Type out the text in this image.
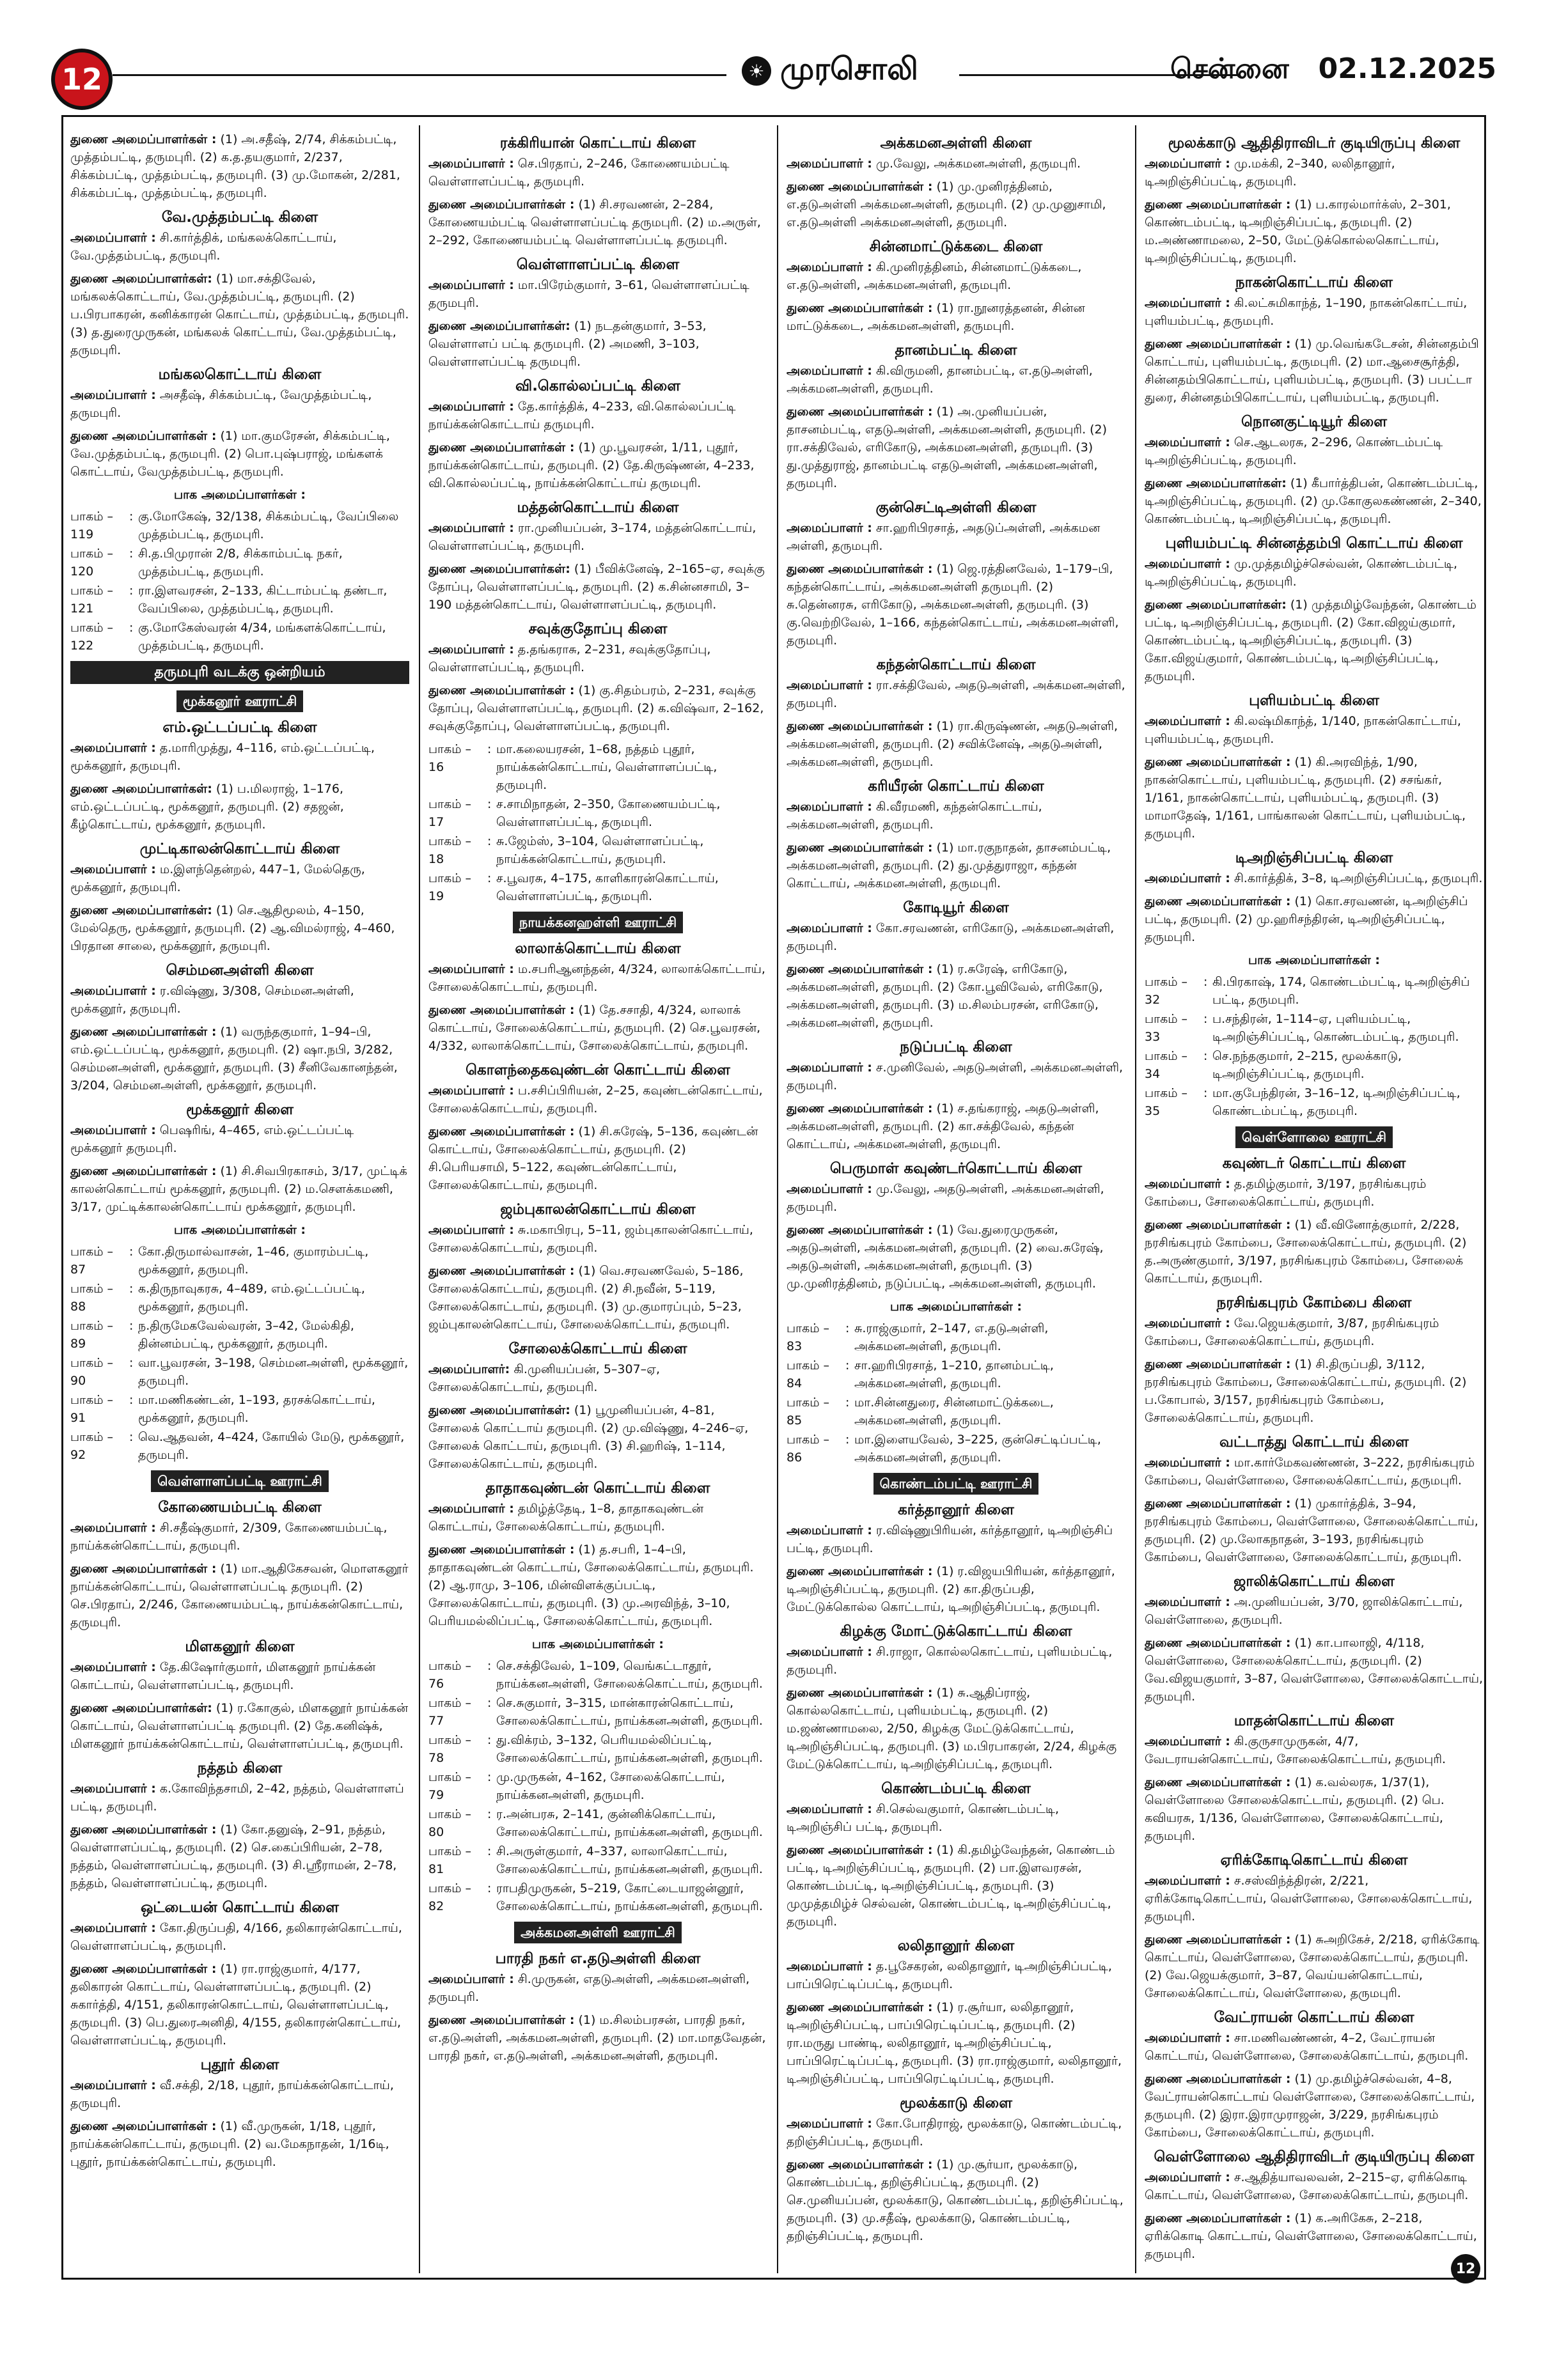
12	☀ முரசொலி	சென்னை 02.12.2025
துணை அமைப்பாளர்கள் : (1) அ.சதீஷ், 2/74, சிக்கம்பட்டி, முத்தம்பட்டி, தருமபுரி. (2) க.த.தயகுமார், 2/237, சிக்கம்பட்டி, முத்தம்பட்டி, தருமபுரி. (3) மு.மோகன், 2/281, சிக்கம்பட்டி, முத்தம்பட்டி, தருமபுரி.
வே.முத்தம்பட்டி கிளை
அமைப்பாளர் : சி.கார்த்திக், மங்கலக்கொட்டாய், வே.முத்தம்பட்டி, தருமபுரி.
துணை அமைப்பாளர்கள்: (1) மா.சக்திவேல், மங்கலக்கொட்டாய், வே.முத்தம்பட்டி, தருமபுரி. (2) ப.பிரபாகரன், கனிக்காரன் கொட்டாய், முத்தம்பட்டி, தருமபுரி. (3) த.துரைமுருகன், மங்கலக் கொட்டாய், வே.முத்தம்பட்டி, தருமபுரி.
மங்கலகொட்டாய் கிளை
அமைப்பாளர் : அசதீஷ், சிக்கம்பட்டி, வேமுத்தம்பட்டி, தருமபுரி.
துணை அமைப்பாளர்கள் : (1) மா.குமரேசன், சிக்கம்பட்டி, வே.முத்தம்பட்டி, தருமபுரி. (2) பொ.புஷ்பராஜ், மங்களக் கொட்டாய், வேமுத்தம்பட்டி, தருமபுரி.
பாக அமைப்பாளர்கள் :
பாகம் – 119
: கு.மோகேஷ், 32/138, சிக்கம்பட்டி, வேப்பிலை முத்தம்பட்டி, தருமபுரி.
பாகம் – 120
: சி.த.பிமுரான் 2/8, சிக்காம்பட்டி நகர், முத்தம்பட்டி, தருமபுரி.
பாகம் – 121
: ரா.இளவரசன், 2–133, கிட்டாம்பட்டி தண்டா, வேப்பிலை, முத்தம்பட்டி, தருமபுரி.
பாகம் – 122
: கு.மோகேஸ்வரன் 4/34, மங்களக்கொட்டாய், முத்தம்பட்டி, தருமபுரி.
தருமபுரி வடக்கு ஒன்றியம்
மூக்கனூர் ஊராட்சி
எம்.ஒட்டப்பட்டி கிளை
அமைப்பாளர் : த.மாரிமுத்து, 4–116, எம்.ஒட்டப்பட்டி, மூக்கனூர், தருமபுரி.
துணை அமைப்பாளர்கள்: (1) ப.மிலராஜ், 1–176, எம்.ஒட்டப்பட்டி, மூக்கனூர், தருமபுரி. (2) சதஜன், கீழ்கொட்டாய், மூக்கனூர், தருமபுரி.
முட்டிகாலன்கொட்டாய் கிளை
அமைப்பாளர் : ம.இளந்தென்றல், 447–1, மேல்தெரு, மூக்கனூர், தருமபுரி.
துணை அமைப்பாளர்கள்: (1) செ.ஆதிமூலம், 4–150, மேல்தெரு, மூக்கனூர், தருமபுரி. (2) ஆ.விமல்ராஜ், 4–460, பிரதான சாலை, மூக்கனூர், தருமபுரி.
செம்மனஅள்ளி கிளை
அமைப்பாளர் : ர.விஷ்ணு, 3/308, செம்மனஅள்ளி, மூக்கனூர், தருமபுரி.
துணை அமைப்பாளர்கள் : (1) வருந்தகுமார், 1–94–பி, எம்.ஒட்டப்பட்டி, மூக்கனூர், தருமபுரி. (2) ஷா.நபி, 3/282, செம்மனஅள்ளி, மூக்கனூர், தருமபுரி. (3) சீனிவேகானந்தன், 3/204, செம்மனஅள்ளி, மூக்கனூர், தருமபுரி.
மூக்கனூர் கிளை
அமைப்பாளர் : பெஷரிங், 4–465, எம்.ஒட்டப்பட்டி மூக்கனூர் தருமபுரி.
துணை அமைப்பாளர்கள் : (1) சி.சிவபிரகாசம், 3/17, முட்டிக் காலன்கொட்டாய் மூக்கனூர், தருமபுரி. (2) ம.சௌக்கமணி, 3/17, முட்டிக்காலன்கொட்டாய் மூக்கனூர், தருமபுரி.
பாக அமைப்பாளர்கள் :
பாகம் – 87
: கோ.திருமால்வாசன், 1–46, குமாரம்பட்டி, மூக்கனூர், தருமபுரி.
பாகம் – 88
: க.திருநாவுகரசு, 4–489, எம்.ஒட்டப்பட்டி, மூக்கனூர், தருமபுரி.
பாகம் – 89
: ந.திருமேகவேல்வரன், 3–42, மேல்கிதி, தின்னம்பட்டி, மூக்கனூர், தருமபுரி.
பாகம் – 90
: வா.பூவரசன், 3–198, செம்மனஅள்ளி, மூக்கனூர், தருமபுரி.
பாகம் – 91
: மா.மணிகண்டன், 1–193, தரசக்கொட்டாய், மூக்கனூர், தருமபுரி.
பாகம் – 92
: வெ.ஆதவன், 4–424, கோயில் மேடு, மூக்கனூர், தருமபுரி.
வெள்ளாளப்பட்டி ஊராட்சி
கோணையம்பட்டி கிளை
அமைப்பாளர் : சி.சதீஷ்குமார், 2/309, கோணையம்பட்டி, நாய்க்கன்கொட்டாய், தருமபுரி.
துணை அமைப்பாளர்கள் : (1) மா.ஆதிகேசவன், மொளகனூர் நாய்க்கன்கொட்டாய், வெள்ளாளப்பட்டி தருமபுரி. (2) செ.பிரதாப், 2/246, கோணையம்பட்டி, நாய்க்கன்கொட்டாய், தருமபுரி.
மிளகனூர் கிளை
அமைப்பாளர் : தே.கிஷோர்குமார், மிளகனூர் நாய்க்கன் கொட்டாய், வெள்ளாளப்பட்டி, தருமபுரி.
துணை அமைப்பாளர்கள்: (1) ர.கோகுல், மிளகனூர் நாய்க்கன் கொட்டாய், வெள்ளாளப்பட்டி தருமபுரி. (2) தே.கனிஷ்க், மிளகனூர் நாய்க்கன்கொட்டாய், வெள்ளாளப்பட்டி, தருமபுரி.
நத்தம் கிளை
அமைப்பாளர் : க.கோவிந்தசாமி, 2–42, நத்தம், வெள்ளாளப் பட்டி, தருமபுரி.
துணை அமைப்பாளர்கள் : (1) கோ.தனுஷ், 2–91, நத்தம், வெள்ளாளப்பட்டி, தருமபுரி. (2) செ.கைப்பிரியன், 2–78, நத்தம், வெள்ளாளப்பட்டி, தருமபுரி. (3) சி.ஸ்ரீராமன், 2–78, நத்தம், வெள்ளாளப்பட்டி, தருமபுரி.
ஒட்டையன் கொட்டாய் கிளை
அமைப்பாளர் : கோ.திருப்பதி, 4/166, தலிகாரன்கொட்டாய், வெள்ளாளப்பட்டி, தருமபுரி.
துணை அமைப்பாளர்கள் : (1) ரா.ராஜ்குமார், 4/177, தலிகாரன் கொட்டாய், வெள்ளாளப்பட்டி, தருமபுரி. (2) சுகார்த்தி, 4/151, தலிகாரன்கொட்டாய், வெள்ளாளப்பட்டி, தருமபுரி. (3) பெ.துரைஅனிதி, 4/155, தலிகாரன்கொட்டாய், வெள்ளாளப்பட்டி, தருமபுரி.
புதூர் கிளை
அமைப்பாளர் : வீ.சக்தி, 2/18, புதூர், நாய்க்கன்கொட்டாய், தருமபுரி.
துணை அமைப்பாளர்கள் : (1) வீ.முருகன், 1/18, புதூர், நாய்க்கன்கொட்டாய், தருமபுரி. (2) வ.மேகநாதன், 1/16டி, புதூர், நாய்க்கன்கொட்டாய், தருமபுரி.
ரக்கிரியான் கொட்டாய் கிளை
அமைப்பாளர் : செ.பிரதாப், 2–246, கோணையம்பட்டி வெள்ளாளப்பட்டி, தருமபுரி.
துணை அமைப்பாளர்கள் : (1) சி.சரவணன், 2–284, கோணையம்பட்டி வெள்ளாளப்பட்டி தருமபுரி. (2) ம.அருள், 2–292, கோணையம்பட்டி வெள்ளாளப்பட்டி தருமபுரி.
வெள்ளாளப்பட்டி கிளை
அமைப்பாளர் : மா.பிரேம்குமார், 3–61, வெள்ளாளப்பட்டி தருமபுரி.
துணை அமைப்பாளர்கள்: (1) நடதன்குமார், 3–53, வெள்ளாளப் பட்டி தருமபுரி. (2) அமணி, 3–103, வெள்ளாளப்பட்டி தருமபுரி.
வி.கொல்லப்பட்டி கிளை
அமைப்பாளர் : தே.கார்த்திக், 4–233, வி.கொல்லப்பட்டி நாய்க்கன்கொட்டாய் தருமபுரி.
துணை அமைப்பாளர்கள் : (1) மு.பூவரசன், 1/11, புதூர், நாய்க்கன்கொட்டாய், தருமபுரி. (2) தே.கிருஷ்ணன், 4–233, வி.கொல்லப்பட்டி, நாய்க்கன்கொட்டாய் தருமபுரி.
மத்தன்கொட்டாய் கிளை
அமைப்பாளர் : ரா.முனியப்பன், 3–174, மத்தன்கொட்டாய், வெள்ளாளப்பட்டி, தருமபுரி.
துணை அமைப்பாளர்கள்: (1) பீவிக்னேஷ், 2–165–ஏ, சவுக்கு தோப்பு, வெள்ளாளப்பட்டி, தருமபுரி. (2) க.சின்னசாமி, 3–190 மத்தன்கொட்டாய், வெள்ளாளப்பட்டி, தருமபுரி.
சவுக்குதோப்பு கிளை
அமைப்பாளர் : த.தங்கராசு, 2–231, சவுக்குதோப்பு, வெள்ளாளப்பட்டி, தருமபுரி.
துணை அமைப்பாளர்கள் : (1) கு.சிதம்பரம், 2–231, சவுக்கு தோப்பு, வெள்ளாளப்பட்டி, தருமபுரி. (2) க.விஷ்வா, 2–162, சவுக்குதோப்பு, வெள்ளாளப்பட்டி, தருமபுரி.
பாகம் – 16
: மா.கலையரசன், 1–68, நத்தம் புதூர், நாய்க்கன்கொட்டாய், வெள்ளாளப்பட்டி, தருமபுரி.
பாகம் – 17
: ச.சாமிநாதன், 2–350, கோணையம்பட்டி, வெள்ளாளப்பட்டி, தருமபுரி.
பாகம் – 18
: சு.ஜேம்ஸ், 3–104, வெள்ளாளப்பட்டி, நாய்க்கன்கொட்டாய், தருமபுரி.
பாகம் – 19
: ச.பூவரசு, 4–175, காளிகாரன்கொட்டாய், வெள்ளாளப்பட்டி, தருமபுரி.
நாயக்கனஹள்ளி ஊராட்சி
லாலாக்கொட்டாய் கிளை
அமைப்பாளர் : ம.சபரிஆனந்தன், 4/324, லாலாக்கொட்டாய், சோலைக்கொட்டாய், தருமபுரி.
துணை அமைப்பாளர்கள் : (1) தே.சசாதி, 4/324, லாலாக் கொட்டாய், சோலைக்கொட்டாய், தருமபுரி. (2) செ.பூவரசன், 4/332, லாலாக்கொட்டாய், சோலைக்கொட்டாய், தருமபுரி.
கொளந்தைகவுண்டன் கொட்டாய் கிளை
அமைப்பாளர் : ப.சசிப்பிரியன், 2–25, கவுண்டன்கொட்டாய், சோலைக்கொட்டாய், தருமபுரி.
துணை அமைப்பாளர்கள் : (1) சி.சுரேஷ், 5–136, கவுண்டன் கொட்டாய், சோலைக்கொட்டாய், தருமபுரி. (2) சி.பெரியசாமி, 5–122, கவுண்டன்கொட்டாய், சோலைக்கொட்டாய், தருமபுரி.
ஜம்புகாலன்கொட்டாய் கிளை
அமைப்பாளர் : சு.மகாபிரபு, 5–11, ஜம்புகாலன்கொட்டாய், சோலைக்கொட்டாய், தருமபுரி.
துணை அமைப்பாளர்கள் : (1) வெ.சரவணவேல், 5–186, சோலைக்கொட்டாய், தருமபுரி. (2) சி.நவீன், 5–119, சோலைக்கொட்டாய், தருமபுரி. (3) மு.குமாரப்பும், 5–23, ஜம்புகாலன்கொட்டாய், சோலைக்கொட்டாய், தருமபுரி.
சோலைக்கொட்டாய் கிளை
அமைப்பாளர்: கி.முனியப்பன், 5–307–ஏ, சோலைக்கொட்டாய், தருமபுரி.
துணை அமைப்பாளர்கள்: (1) பூமுனியப்பன், 4–81, சோலைக் கொட்டாய் தருமபுரி. (2) மு.விஷ்ணு, 4–246–ஏ, சோலைக் கொட்டாய், தருமபுரி. (3) சி.ஹரிஷ், 1–114, சோலைக்கொட்டாய், தருமபுரி.
தாதாகவுண்டன் கொட்டாய் கிளை
அமைப்பாளர் : தமிழ்த்தேடி, 1–8, தாதாகவுண்டன் கொட்டாய், சோலைக்கொட்டாய், தருமபுரி.
துணை அமைப்பாளர்கள் : (1) த.சபரி, 1–4–பி, தாதாகவுண்டன் கொட்டாய், சோலைக்கொட்டாய், தருமபுரி. (2) ஆ.ராமு, 3–106, மின்விளக்குப்பட்டி, சோலைக்கொட்டாய், தருமபுரி. (3) மு.அரவிந்த், 3–10, பெரியமல்லிப்பட்டி, சோலைக்கொட்டாய், தருமபுரி.
பாக அமைப்பாளர்கள் :
பாகம் – 76
: செ.சக்திவேல், 1–109, வெங்கட்டாதூர், நாய்க்கனஅள்ளி, சோலைக்கொட்டாய், தருமபுரி.
பாகம் – 77
: செ.சுகுமார், 3–315, மான்காரன்கொட்டாய், சோலைக்கொட்டாய், நாய்க்கனஅள்ளி, தருமபுரி.
பாகம் – 78
: து.விக்ரம், 3–132, பெரியமல்லிப்பட்டி, சோலைக்கொட்டாய், நாய்க்கனஅள்ளி, தருமபுரி.
பாகம் – 79
: மு.முருகன், 4–162, சோலைக்கொட்டாய், நாய்க்கனஅள்ளி, தருமபுரி.
பாகம் – 80
: ர.அன்பரசு, 2–141, குன்னிக்கொட்டாய், சோலைக்கொட்டாய், நாய்க்கனஅள்ளி, தருமபுரி.
பாகம் – 81
: சி.அருள்குமார், 4–337, லாலாகொட்டாய், சோலைக்கொட்டாய், நாய்க்கனஅள்ளி, தருமபுரி.
பாகம் – 82
: ராபதிமுருகன், 5–219, கோட்டையாஜன்னூர், சோலைக்கொட்டாய், நாய்க்கனஅள்ளி, தருமபுரி.
அக்கமனஅள்ளி ஊராட்சி
பாரதி நகர் எ.தடுஅள்ளி கிளை
அமைப்பாளர் : சி.முருகன், எதடுஅள்ளி, அக்கமனஅள்ளி, தருமபுரி.
துணை அமைப்பாளர்கள் : (1) ம.சிலம்பரசன், பாரதி நகர், எ.தடுஅள்ளி, அக்கமனஅள்ளி, தருமபுரி. (2) மா.மாதவேதன், பாரதி நகர், எ.தடுஅள்ளி, அக்கமனஅள்ளி, தருமபுரி.
அக்கமனஅள்ளி கிளை
அமைப்பாளர் : மு.வேலு, அக்கமனஅள்ளி, தருமபுரி.
துணை அமைப்பாளர்கள் : (1) மு.முனிரத்தினம், எ.தடுஅள்ளி அக்கமனஅள்ளி, தருமபுரி. (2) மு.முனுசாமி, எ.தடுஅள்ளி அக்கமனஅள்ளி, தருமபுரி.
சின்னமாட்டுக்கடை கிளை
அமைப்பாளர் : கி.முனிரத்தினம், சின்னமாட்டுக்கடை, எ.தடுஅள்ளி, அக்கமனஅள்ளி, தருமபுரி.
துணை அமைப்பாளர்கள் : (1) ரா.நூனரத்தனன், சின்ன மாட்டுக்கடை, அக்கமனஅள்ளி, தருமபுரி.
தானம்பட்டி கிளை
அமைப்பாளர் : கி.விருமனி, தானம்பட்டி, எ.தடுஅள்ளி, அக்கமனஅள்ளி, தருமபுரி.
துணை அமைப்பாளர்கள் : (1) அ.முனியப்பன், தாசனம்பட்டி, எதடுஅள்ளி, அக்கமனஅள்ளி, தருமபுரி. (2) ரா.சக்திவேல், எரிகோடு, அக்கமனஅள்ளி, தருமபுரி. (3) து.முத்துராஜ், தானம்பட்டி எதடுஅள்ளி, அக்கமனஅள்ளி, தருமபுரி.
குன்செட்டிஅள்ளி கிளை
அமைப்பாளர் : சா.ஹரிபிரசாத், அதடுப்அள்ளி, அக்கமன அள்ளி, தருமபுரி.
துணை அமைப்பாளர்கள் : (1) ஜெ.ரத்தினவேல், 1–179–பி, கந்தன்கொட்டாய், அக்கமனஅள்ளி தருமபுரி. (2) சு.தென்னரசு, எரிகோடு, அக்கமனஅள்ளி, தருமபுரி. (3) கு.வெற்றிவேல், 1–166, கந்தன்கொட்டாய், அக்கமனஅள்ளி, தருமபுரி.
கந்தன்கொட்டாய் கிளை
அமைப்பாளர் : ரா.சக்திவேல், அதடுஅள்ளி, அக்கமனஅள்ளி, தருமபுரி.
துணை அமைப்பாளர்கள் : (1) ரா.கிருஷ்ணன், அதடுஅள்ளி, அக்கமனஅள்ளி, தருமபுரி. (2) சவிக்னேஷ், அதடுஅள்ளி, அக்கமனஅள்ளி, தருமபுரி.
கரியீரன் கொட்டாய் கிளை
அமைப்பாளர் : கி.வீரமணி, கந்தன்கொட்டாய், அக்கமனஅள்ளி, தருமபுரி.
துணை அமைப்பாளர்கள் : (1) மா.ரகுநாதன், தாசனம்பட்டி, அக்கமனஅள்ளி, தருமபுரி. (2) து.முத்துராஜா, கந்தன் கொட்டாய், அக்கமனஅள்ளி, தருமபுரி.
கோடியூர் கிளை
அமைப்பாளர் : கோ.சரவணன், எரிகோடு, அக்கமனஅள்ளி, தருமபுரி.
துணை அமைப்பாளர்கள் : (1) ர.சுரேஷ், எரிகோடு, அக்கமனஅள்ளி, தருமபுரி. (2) கோ.பூவிவேல், எரிகோடு, அக்கமனஅள்ளி, தருமபுரி. (3) ம.சிலம்பரசன், எரிகோடு, அக்கமனஅள்ளி, தருமபுரி.
நடுப்பட்டி கிளை
அமைப்பாளர் : ச.முனிவேல், அதடுஅள்ளி, அக்கமனஅள்ளி, தருமபுரி.
துணை அமைப்பாளர்கள் : (1) ச.தங்கராஜ், அதடுஅள்ளி, அக்கமனஅள்ளி, தருமபுரி. (2) கா.சக்திவேல், கந்தன் கொட்டாய், அக்கமனஅள்ளி, தருமபுரி.
பெருமாள் கவுண்டர்கொட்டாய் கிளை
அமைப்பாளர் : மு.வேலு, அதடுஅள்ளி, அக்கமனஅள்ளி, தருமபுரி.
துணை அமைப்பாளர்கள் : (1) வே.துரைமுருகன், அதடுஅள்ளி, அக்கமனஅள்ளி, தருமபுரி. (2) வை.சுரேஷ், அதடுஅள்ளி, அக்கமனஅள்ளி, தருமபுரி. (3) மு.முனிரத்தினம், நடுப்பட்டி, அக்கமனஅள்ளி, தருமபுரி.
பாக அமைப்பாளர்கள் :
பாகம் – 83
: சு.ராஜ்குமார், 2–147, எ.தடுஅள்ளி, அக்கமனஅள்ளி, தருமபுரி.
பாகம் – 84
: சா.ஹரிபிரசாத், 1–210, தானம்பட்டி, அக்கமனஅள்ளி, தருமபுரி.
பாகம் – 85
: மா.சின்னதுரை, சின்னமாட்டுக்கடை, அக்கமனஅள்ளி, தருமபுரி.
பாகம் – 86
: மா.இளையவேல், 3–225, குன்செட்டிப்பட்டி, அக்கமனஅள்ளி, தருமபுரி.
கொண்டம்பட்டி ஊராட்சி
கர்த்தானூர் கிளை
அமைப்பாளர் : ர.விஷ்ணுபிரியன், கர்த்தானூர், டிஅறிஞ்சிப் பட்டி, தருமபுரி.
துணை அமைப்பாளர்கள் : (1) ர.விஜயபிரியன், கர்த்தானூர், டிஅறிஞ்சிப்பட்டி, தருமபுரி. (2) கா.திருப்பதி, மேட்டுக்கொல்ல கொட்டாய், டிஅறிஞ்சிப்பட்டி, தருமபுரி.
கிழக்கு மோட்டுக்கொட்டாய் கிளை
அமைப்பாளர் : சி.ராஜா, கொல்லகொட்டாய், புளியம்பட்டி, தருமபுரி.
துணை அமைப்பாளர்கள் : (1) சு.ஆதிப்ராஜ், கொல்லகொட்டாய், புளியம்பட்டி, தருமபுரி. (2) ம.ஜண்ணாமலை, 2/50, கிழக்கு மேட்டுக்கொட்டாய், டிஅறிஞ்சிப்பட்டி, தருமபுரி. (3) ம.பிரபாகரன், 2/24, கிழக்கு மேட்டுக்கொட்டாய், டிஅறிஞ்சிப்பட்டி, தருமபுரி.
கொண்டம்பட்டி கிளை
அமைப்பாளர் : சி.செல்வகுமார், கொண்டம்பட்டி, டிஅறிஞ்சிப் பட்டி, தருமபுரி.
துணை அமைப்பாளர்கள் : (1) கி.தமிழ்வேந்தன், கொண்டம் பட்டி, டிஅறிஞ்சிப்பட்டி, தருமபுரி. (2) பா.இளவரசன், கொண்டம்பட்டி, டிஅறிஞ்சிப்பட்டி, தருமபுரி. (3) முமுத்தமிழ்ச் செல்வன், கொண்டம்பட்டி, டிஅறிஞ்சிப்பட்டி, தருமபுரி.
லலிதானூர் கிளை
அமைப்பாளர் : த.பூசேகரன், லலிதானூர், டிஅறிஞ்சிப்பட்டி, பாப்பிரெட்டிப்பட்டி, தருமபுரி.
துணை அமைப்பாளர்கள் : (1) ர.சூர்யா, லலிதானூர், டிஅறிஞ்சிப்பட்டி, பாப்பிரெட்டிப்பட்டி, தருமபுரி. (2) ரா.மருது பாண்டி, லலிதானூர், டிஅறிஞ்சிப்பட்டி, பாப்பிரெட்டிப்பட்டி, தருமபுரி. (3) ரா.ராஜ்குமார், லலிதானூர், டிஅறிஞ்சிப்பட்டி, பாப்பிரெட்டிப்பட்டி, தருமபுரி.
மூலக்காடு கிளை
அமைப்பாளர் : கோ.போதிராஜ், மூலக்காடு, கொண்டம்பட்டி, தறிஞ்சிப்பட்டி, தருமபுரி.
துணை அமைப்பாளர்கள் : (1) மு.சூர்யா, மூலக்காடு, கொண்டம்பட்டி, தறிஞ்சிப்பட்டி, தருமபுரி. (2) செ.முனியப்பன், மூலக்காடு, கொண்டம்பட்டி, தறிஞ்சிப்பட்டி, தருமபுரி. (3) மு.சதீஷ், மூலக்காடு, கொண்டம்பட்டி, தறிஞ்சிப்பட்டி, தருமபுரி.
மூலக்காடு ஆதிதிராவிடர் குடியிருப்பு கிளை
அமைப்பாளர் : மு.மக்கி, 2–340, லலிதானூர், டிஅறிஞ்சிப்பட்டி, தருமபுரி.
துணை அமைப்பாளர்கள் : (1) ப.காரல்மார்க்ஸ், 2–301, கொண்டம்பட்டி, டிஅறிஞ்சிப்பட்டி, தருமபுரி. (2) ம.அண்ணாமலை, 2–50, மேட்டுக்கொல்லகொட்டாய், டிஅறிஞ்சிப்பட்டி, தருமபுரி.
நாகன்கொட்டாய் கிளை
அமைப்பாளர் : கி.லட்சுமிகாந்த், 1–190, நாகன்கொட்டாய், புளியம்பட்டி, தருமபுரி.
துணை அமைப்பாளர்கள் : (1) மு.வெங்கடேசன், சின்னதம்பி கொட்டாய், புளியம்பட்டி, தருமபுரி. (2) மா.ஆசைசூர்த்தி, சின்னதம்பிகொட்டாய், புளியம்பட்டி, தருமபுரி. (3) பபட்டா துரை, சின்னதம்பிகொட்டாய், புளியம்பட்டி, தருமபுரி.
நொனகுட்டியூர் கிளை
அமைப்பாளர் : செ.ஆடலரசு, 2–296, கொண்டம்பட்டி டிஅறிஞ்சிப்பட்டி, தருமபுரி.
துணை அமைப்பாளர்கள்: (1) கீபார்த்திபன், கொண்டம்பட்டி, டிஅறிஞ்சிப்பட்டி, தருமபுரி. (2) மு.கோகுலகண்ணன், 2–340, கொண்டம்பட்டி, டிஅறிஞ்சிப்பட்டி, தருமபுரி.
புளியம்பட்டி சின்னத்தம்பி கொட்டாய் கிளை
அமைப்பாளர் : மு.முத்தமிழ்ச்செல்வன், கொண்டம்பட்டி, டிஅறிஞ்சிப்பட்டி, தருமபுரி.
துணை அமைப்பாளர்கள்: (1) முத்தமிழ்வேந்தன், கொண்டம் பட்டி, டிஅறிஞ்சிப்பட்டி, தருமபுரி. (2) கோ.விஜய்குமார், கொண்டம்பட்டி, டிஅறிஞ்சிப்பட்டி, தருமபுரி. (3) கோ.விஜய்குமார், கொண்டம்பட்டி, டிஅறிஞ்சிப்பட்டி, தருமபுரி.
புளியம்பட்டி கிளை
அமைப்பாளர் : கி.லஷ்மிகாந்த், 1/140, நாகன்கொட்டாய், புளியம்பட்டி, தருமபுரி.
துணை அமைப்பாளர்கள் : (1) கி.அரவிந்த், 1/90, நாகன்கொட்டாய், புளியம்பட்டி, தருமபுரி. (2) சசங்கர், 1/161, நாகன்கொட்டாய், புளியம்பட்டி, தருமபுரி. (3) மாமாதேஷ், 1/161, பாங்காலன் கொட்டாய், புளியம்பட்டி, தருமபுரி.
டிஅறிஞ்சிப்பட்டி கிளை
அமைப்பாளர் : சி.கார்த்திக், 3–8, டிஅறிஞ்சிப்பட்டி, தருமபுரி.
துணை அமைப்பாளர்கள் : (1) கொ.சரவணன், டிஅறிஞ்சிப் பட்டி, தருமபுரி. (2) மு.ஹரிசந்திரன், டிஅறிஞ்சிப்பட்டி, தருமபுரி.
பாக அமைப்பாளர்கள் :
பாகம் – 32
: கி.பிரகாஷ், 174, கொண்டம்பட்டி, டிஅறிஞ்சிப் பட்டி, தருமபுரி.
பாகம் – 33
: ப.சந்திரன், 1–114–ஏ, புளியம்பட்டி, டிஅறிஞ்சிப்பட்டி, கொண்டம்பட்டி, தருமபுரி.
பாகம் – 34
: செ.நந்தகுமார், 2–215, மூலக்காடு, டிஅறிஞ்சிப்பட்டி, தருமபுரி.
பாகம் – 35
: மா.குபேந்திரன், 3–16–12, டிஅறிஞ்சிப்பட்டி, கொண்டம்பட்டி, தருமபுரி.
வெள்ளோலை ஊராட்சி
கவுண்டர் கொட்டாய் கிளை
அமைப்பாளர் : த.தமிழ்குமார், 3/197, நரசிங்கபுரம் கோம்பை, சோலைக்கொட்டாய், தருமபுரி.
துணை அமைப்பாளர்கள் : (1) வீ.வினோத்குமார், 2/228, நரசிங்கபுரம் கோம்பை, சோலைக்கொட்டாய், தருமபுரி. (2) த.அருண்குமார், 3/197, நரசிங்கபுரம் கோம்பை, சோலைக் கொட்டாய், தருமபுரி.
நரசிங்கபுரம் கோம்பை கிளை
அமைப்பாளர் : வே.ஜெயக்குமார், 3/87, நரசிங்கபுரம் கோம்பை, சோலைக்கொட்டாய், தருமபுரி.
துணை அமைப்பாளர்கள் : (1) சி.திருப்பதி, 3/112, நரசிங்கபுரம் கோம்பை, சோலைக்கொட்டாய், தருமபுரி. (2) ப.கோபால், 3/157, நரசிங்கபுரம் கோம்பை, சோலைக்கொட்டாய், தருமபுரி.
வட்டாத்து கொட்டாய் கிளை
அமைப்பாளர் : மா.கார்மேகவண்ணன், 3–222, நரசிங்கபுரம் கோம்பை, வெள்ளோலை, சோலைக்கொட்டாய், தருமபுரி.
துணை அமைப்பாளர்கள் : (1) முகார்த்திக், 3–94, நரசிங்கபுரம் கோம்பை, வெள்ளோலை, சோலைக்கொட்டாய், தருமபுரி. (2) மு.லோகநாதன், 3–193, நரசிங்கபுரம் கோம்பை, வெள்ளோலை, சோலைக்கொட்டாய், தருமபுரி.
ஜாலிக்கொட்டாய் கிளை
அமைப்பாளர் : அ.முனியப்பன், 3/70, ஜாலிக்கொட்டாய், வெள்ளோலை, தருமபுரி.
துணை அமைப்பாளர்கள் : (1) கா.பாலாஜி, 4/118, வெள்ளோலை, சோலைக்கொட்டாய், தருமபுரி. (2) வே.விஜயகுமார், 3–87, வெள்ளோலை, சோலைக்கொட்டாய், தருமபுரி.
மாதன்கொட்டாய் கிளை
அமைப்பாளர் : கி.குருசாமுருகன், 4/7, வேடராயன்கொட்டாய், சோலைக்கொட்டாய், தருமபுரி.
துணை அமைப்பாளர்கள் : (1) க.வல்லரசு, 1/37(1), வெள்ளோலை சோலைக்கொட்டாய், தருமபுரி. (2) பெ. கவியரசு, 1/136, வெள்ளோலை, சோலைக்கொட்டாய், தருமபுரி.
ஏரிக்கோடிகொட்டாய் கிளை
அமைப்பாளர் : ச.சஸ்விந்த்திரன், 2/221, ஏரிக்கோடிகொட்டாய், வெள்ளோலை, சோலைக்கொட்டாய், தருமபுரி.
துணை அமைப்பாளர்கள் : (1) சுஅறிகேச், 2/218, ஏரிக்கோடி கொட்டாய், வெள்ளோலை, சோலைக்கொட்டாய், தருமபுரி. (2) வே.ஜெயக்குமார், 3–87, வெய்யன்கொட்டாய், சோலைக்கொட்டாய், வெள்ளோலை, தருமபுரி.
வேட்ராயன் கொட்டாய் கிளை
அமைப்பாளர் : சா.மணிவண்ணன், 4–2, வேட்ராயன் கொட்டாய், வெள்ளோலை, சோலைக்கொட்டாய், தருமபுரி.
துணை அமைப்பாளர்கள் : (1) மு.தமிழ்ச்செல்வன், 4–8, வேட்ராயன்கொட்டாய் வெள்ளோலை, சோலைக்கொட்டாய், தருமபுரி. (2) இரா.இராமுராஜன், 3/229, நரசிங்கபுரம் கோம்பை, சோலைக்கொட்டாய், தருமபுரி.
வெள்ளோலை ஆதிதிராவிடர் குடியிருப்பு கிளை
அமைப்பாளர் : ச.ஆதித்யாவலவன், 2–215–ஏ, ஏரிக்கொடி கொட்டாய், வெள்ளோலை, சோலைக்கொட்டாய், தருமபுரி.
துணை அமைப்பாளர்கள் : (1) க.அரிகேசு, 2–218, ஏரிக்கொடி கொட்டாய், வெள்ளோலை, சோலைக்கொட்டாய், தருமபுரி.
12
